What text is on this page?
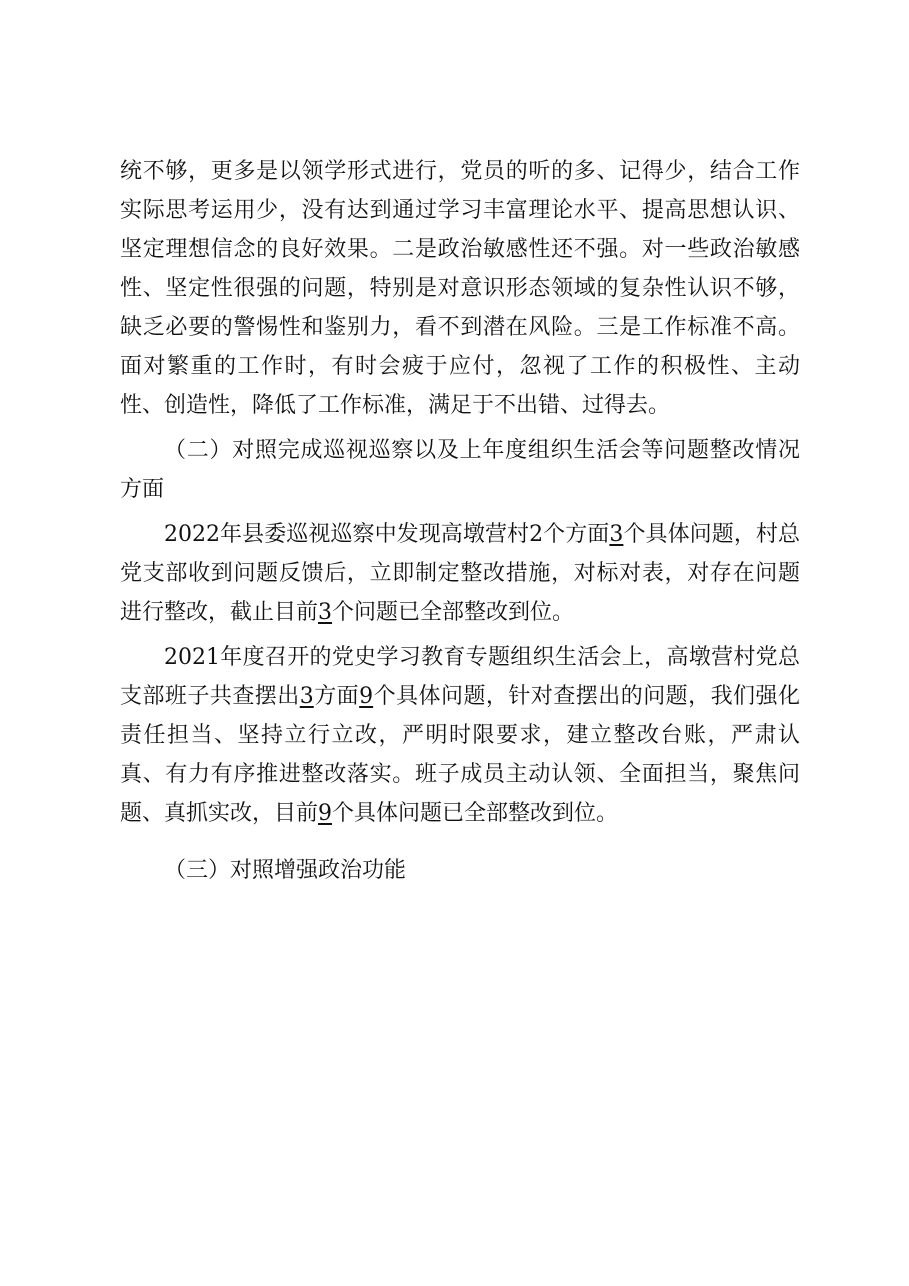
统不够，更多是以领学形式进行，党员的听的多、记得少，结合工作实际思考运用少，没有达到通过学习丰富理论水平、提高思想认识、坚定理想信念的良好效果。二是政治敏感性还不强。对一些政治敏感性、坚定性很强的问题，特别是对意识形态领域的复杂性认识不够，缺乏必要的警惕性和鉴别力，看不到潜在风险。三是工作标准不高。面对繁重的工作时，有时会疲于应付，忽视了工作的积极性、主动性、创造性，降低了工作标准，满足于不出错、过得去。

（二）对照完成巡视巡察以及上年度组织生活会等问题整改情况方面

2022年县委巡视巡察中发现高墩营村2个方面3个具体问题，村总党支部收到问题反馈后，立即制定整改措施，对标对表，对存在问题进行整改，截止目前3个问题已全部整改到位。

2021年度召开的党史学习教育专题组织生活会上，高墩营村党总支部班子共查摆出3方面9个具体问题，针对查摆出的问题，我们强化责任担当、坚持立行立改，严明时限要求，建立整改台账，严肃认真、有力有序推进整改落实。班子成员主动认领、全面担当，聚焦问题、真抓实改，目前9个具体问题已全部整改到位。

（三）对照增强政治功能
